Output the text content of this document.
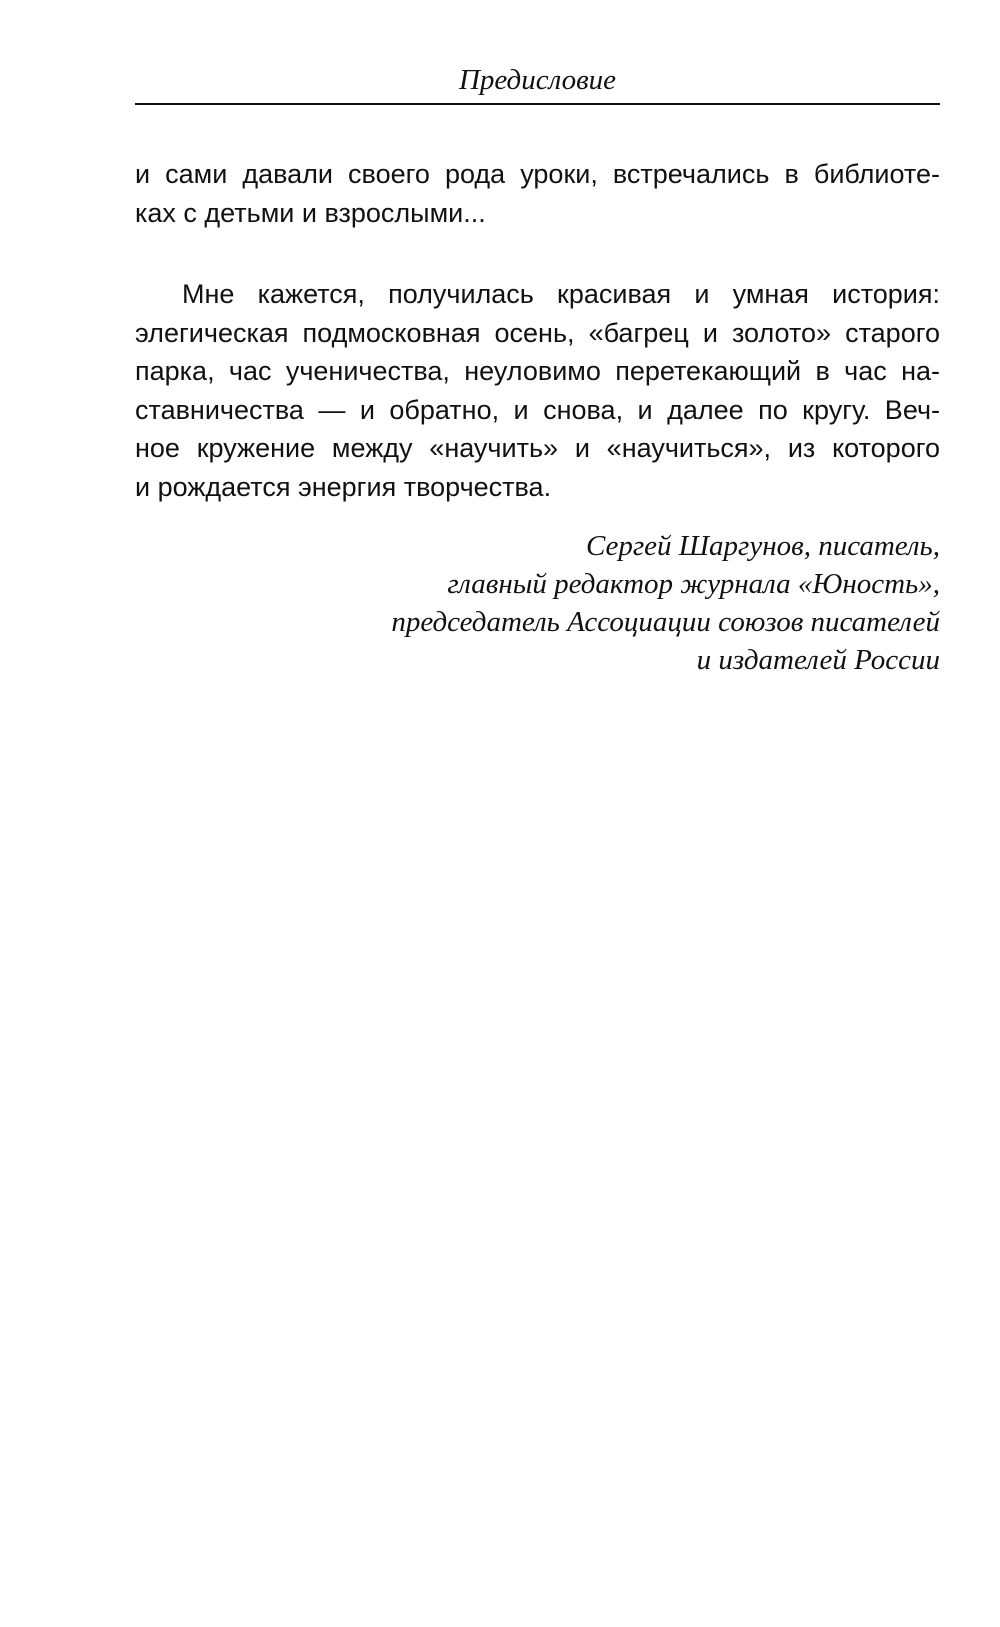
Предисловие
и сами давали своего рода уроки, встречались в библиоте-
ках с детьми и взрослыми...
Мне кажется, получилась красивая и умная история:
элегическая подмосковная осень, «багрец и золото» старого
парка, час ученичества, неуловимо перетекающий в час на-
ставничества — и обратно, и снова, и далее по кругу. Веч-
ное кружение между «научить» и «научиться», из которого
и рождается энергия творчества.
Сергей Шаргунов, писатель,
главный редактор журнала «Юность»,
председатель Ассоциации союзов писателей
и издателей России
